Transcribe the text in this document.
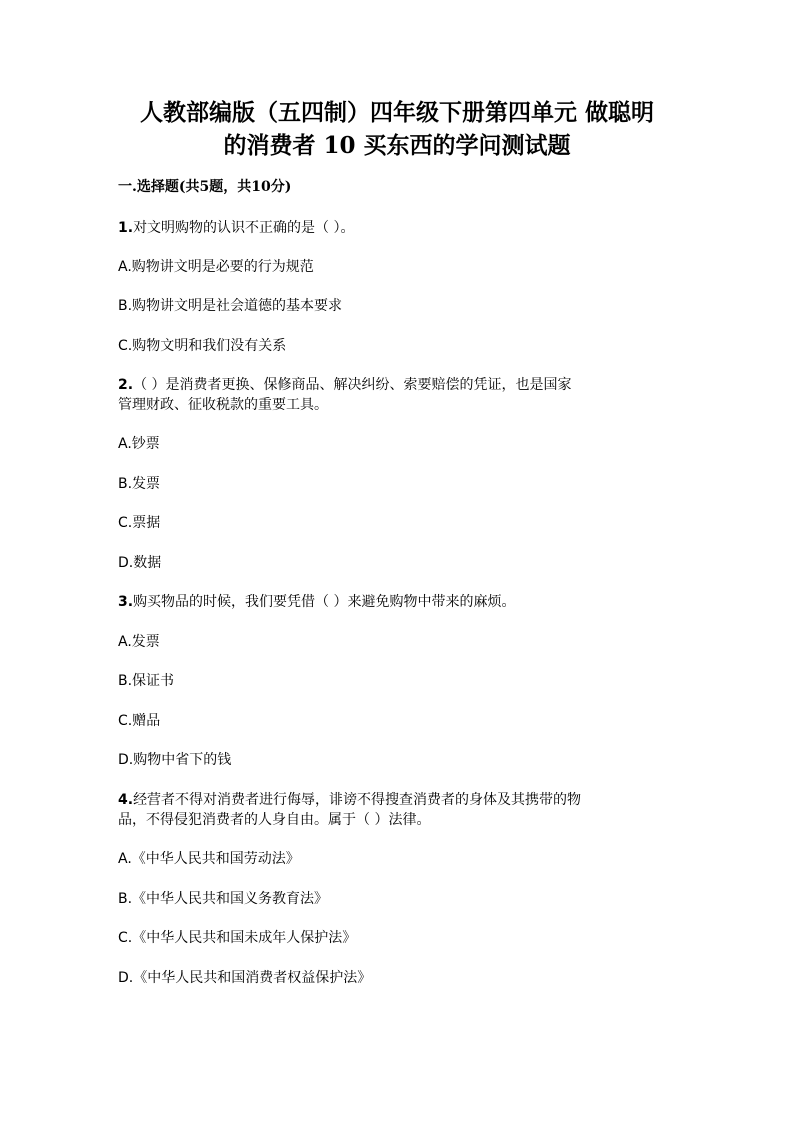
人教部编版（五四制）四年级下册第四单元 做聪明
的消费者 10 买东西的学问测试题
一.选择题(共5题，共10分)
1.对文明购物的认识不正确的是（ ）。
A.购物讲文明是必要的行为规范
B.购物讲文明是社会道德的基本要求
C.购物文明和我们没有关系
2.（ ）是消费者更换、保修商品、解决纠纷、索要赔偿的凭证，也是国家
管理财政、征收税款的重要工具。
A.钞票
B.发票
C.票据
D.数据
3.购买物品的时候，我们要凭借（ ）来避免购物中带来的麻烦。
A.发票
B.保证书
C.赠品
D.购物中省下的钱
4.经营者不得对消费者进行侮辱，诽谤不得搜查消费者的身体及其携带的物
品，不得侵犯消费者的人身自由。属于（ ）法律。
A.《中华人民共和国劳动法》
B.《中华人民共和国义务教育法》
C.《中华人民共和国未成年人保护法》
D.《中华人民共和国消费者权益保护法》
